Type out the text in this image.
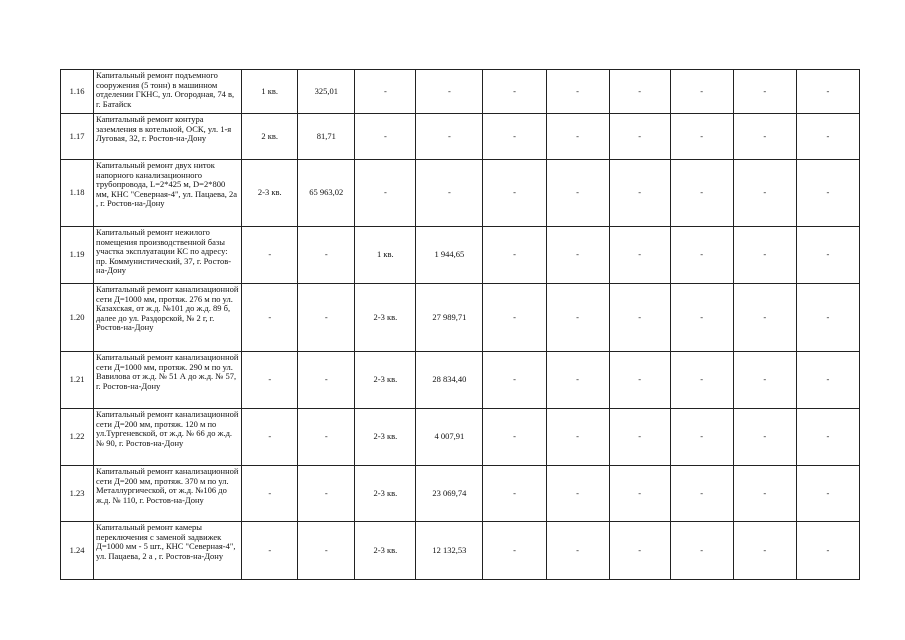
1.16	Капитальный ремонт подъемного сооружения (5 тонн) в машинном отделении ГКНС, ул. Огородная, 74 в, г. Батайск	1 кв.	325,01	-	-	-	-	-	-	-	-
1.17	Капитальный ремонт контура заземления в котельной, ОСК, ул. 1-я Луговая, 32, г. Ростов-на-Дону	2 кв.	81,71	-	-	-	-	-	-	-	-
1.18	Капитальный ремонт двух ниток напорного канализационного трубопровода, L=2*425 м, D=2*800 мм, КНС "Северная-4", ул. Пацаева, 2а , г. Ростов-на-Дону	2-3 кв.	65 963,02	-	-	-	-	-	-	-	-
1.19	Капитальный ремонт нежилого помещения производственной базы участка эксплуатации КС по адресу: пр. Коммунистический, 37, г. Ростов-на-Дону	-	-	1 кв.	1 944,65	-	-	-	-	-	-
1.20	Капитальный ремонт канализационной сети Д=1000 мм, протяж. 276 м по ул. Казахская, от ж.д. №101 до ж.д. 89 б, далее до ул. Раздорской, № 2 г, г. Ростов-на-Дону	-	-	2-3 кв.	27 989,71	-	-	-	-	-	-
1.21	Капитальный ремонт канализационной сети Д=1000 мм, протяж. 290 м по ул. Вавилова от ж.д. № 51 А до ж.д. № 57, г. Ростов-на-Дону	-	-	2-3 кв.	28 834,40	-	-	-	-	-	-
1.22	Капитальный ремонт канализационной сети Д=200 мм, протяж. 120 м по ул.Тургеневской, от ж.д. № 66 до ж.д. № 90, г. Ростов-на-Дону	-	-	2-3 кв.	4 007,91	-	-	-	-	-	-
1.23	Капитальный ремонт канализационной сети Д=200 мм, протяж. 370 м по ул. Металлургической, от ж.д. №106 до ж.д. № 110, г. Ростов-на-Дону	-	-	2-3 кв.	23 069,74	-	-	-	-	-	-
1.24	Капитальный ремонт камеры переключения с заменой задвижек Д=1000 мм - 5 шт., КНС "Северная-4", ул. Пацаева, 2 а , г. Ростов-на-Дону	-	-	2-3 кв.	12 132,53	-	-	-	-	-	-
